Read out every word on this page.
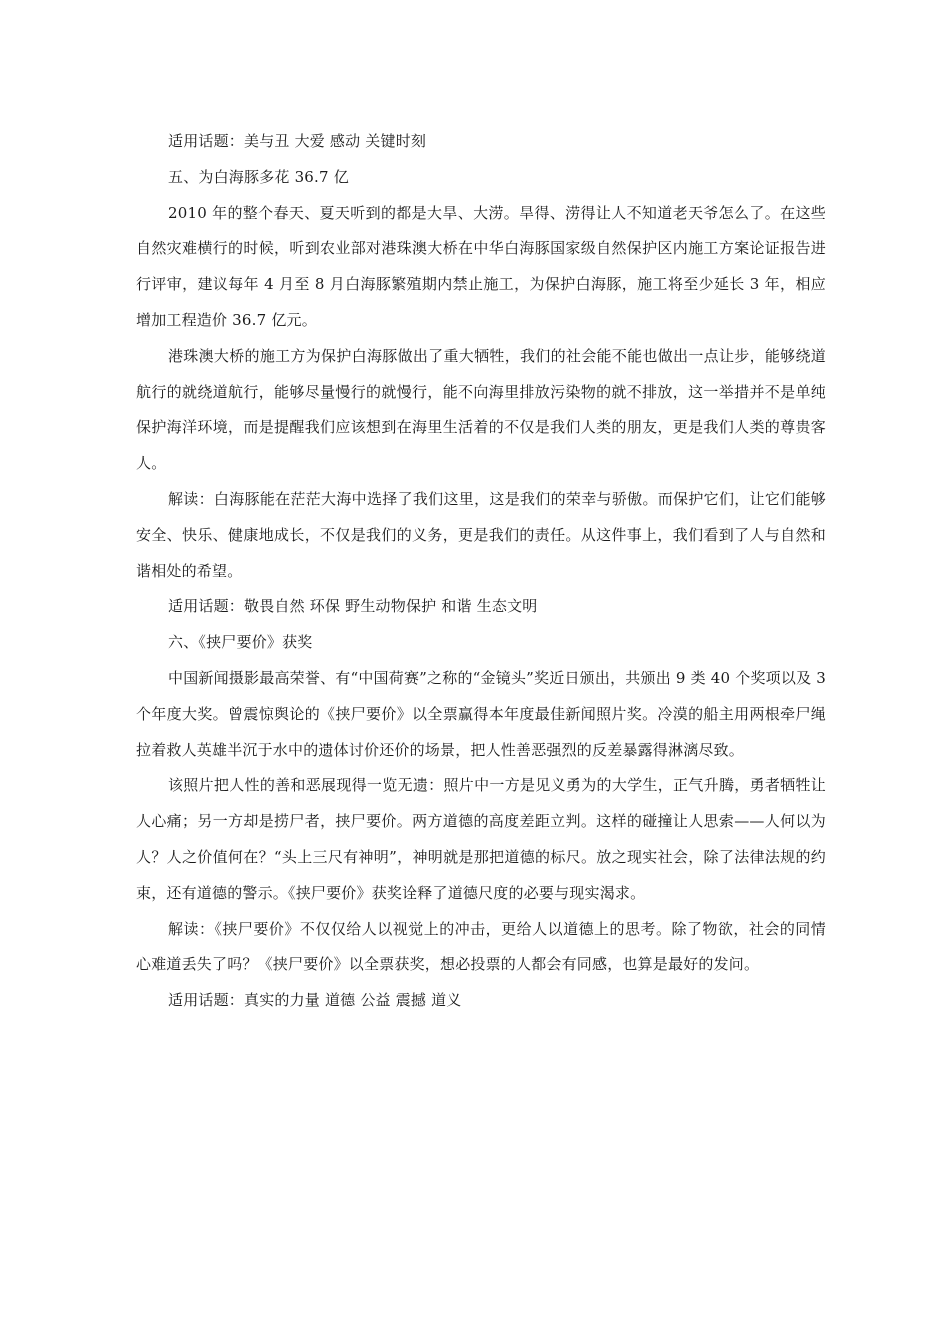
适用话题：美与丑 大爱 感动 关键时刻

五、为白海豚多花 36.7 亿

2010 年的整个春天、夏天听到的都是大旱、大涝。旱得、涝得让人不知道老天爷怎么了。在这些自然灾难横行的时候，听到农业部对港珠澳大桥在中华白海豚国家级自然保护区内施工方案论证报告进行评审，建议每年 4 月至 8 月白海豚繁殖期内禁止施工，为保护白海豚，施工将至少延长 3 年，相应增加工程造价 36.7 亿元。

港珠澳大桥的施工方为保护白海豚做出了重大牺牲，我们的社会能不能也做出一点让步，能够绕道航行的就绕道航行，能够尽量慢行的就慢行，能不向海里排放污染物的就不排放，这一举措并不是单纯保护海洋环境，而是提醒我们应该想到在海里生活着的不仅是我们人类的朋友，更是我们人类的尊贵客人。

解读：白海豚能在茫茫大海中选择了我们这里，这是我们的荣幸与骄傲。而保护它们，让它们能够安全、快乐、健康地成长，不仅是我们的义务，更是我们的责任。从这件事上，我们看到了人与自然和谐相处的希望。

适用话题：敬畏自然 环保 野生动物保护 和谐 生态文明

六、《挟尸要价》获奖

中国新闻摄影最高荣誉、有“中国荷赛”之称的“金镜头”奖近日颁出，共颁出 9 类 40 个奖项以及 3 个年度大奖。曾震惊舆论的《挟尸要价》以全票赢得本年度最佳新闻照片奖。冷漠的船主用两根牵尸绳拉着救人英雄半沉于水中的遗体讨价还价的场景，把人性善恶强烈的反差暴露得淋漓尽致。

该照片把人性的善和恶展现得一览无遗：照片中一方是见义勇为的大学生，正气升腾，勇者牺牲让人心痛；另一方却是捞尸者，挟尸要价。两方道德的高度差距立判。这样的碰撞让人思索——人何以为人？人之价值何在？“头上三尺有神明”，神明就是那把道德的标尺。放之现实社会，除了法律法规的约束，还有道德的警示。《挟尸要价》获奖诠释了道德尺度的必要与现实渴求。

解读：《挟尸要价》不仅仅给人以视觉上的冲击，更给人以道德上的思考。除了物欲，社会的同情心难道丢失了吗？《挟尸要价》以全票获奖，想必投票的人都会有同感，也算是最好的发问。

适用话题：真实的力量 道德 公益 震撼 道义
